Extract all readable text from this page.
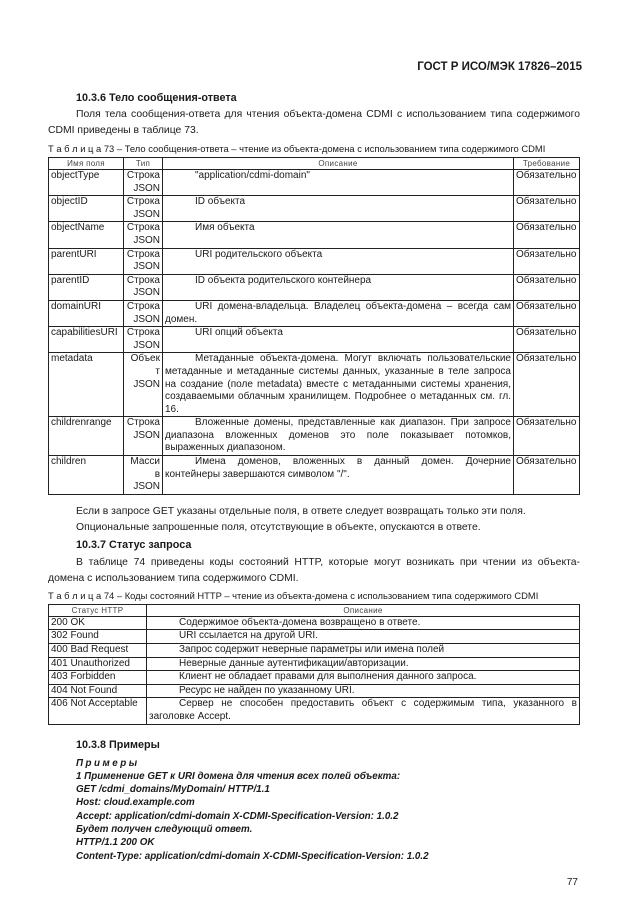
ГОСТ Р ИСО/МЭК 17826–2015
10.3.6 Тело сообщения-ответа
Поля тела сообщения-ответа для чтения объекта-домена CDMI с использованием типа содержимого CDMI приведены в таблице 73.
Т а б л и ц а 73 – Тело сообщения-ответа – чтение из объекта-домена с использованием типа содержимого CDMI
Имя поля	Тип	Описание	Требование
objectType	Строка JSON	"application/cdmi-domain"	Обязательно
objectID	Строка JSON	ID объекта	Обязательно
objectName	Строка JSON	Имя объекта	Обязательно
parentURI	Строка JSON	URI родительского объекта	Обязательно
parentID	Строка JSON	ID объекта родительского контейнера	Обязательно
domainURI	Строка JSON	URI домена-владельца. Владелец объекта-домена – всегда сам домен.	Обязательно
capabilitiesURI	Строка JSON	URI опций объекта	Обязательно
metadata	Объект JSON	Метаданные объекта-домена. Могут включать пользовательские метаданные и метаданные системы данных, указанные в теле запроса на создание (поле metadata) вместе с метаданными системы хранения, создаваемыми облачным хранилищем. Подробнее о метаданных см. гл. 16.	Обязательно
childrenrange	Строка JSON	Вложенные домены, представленные как диапазон. При запросе диапазона вложенных доменов это поле показывает потомков, выраженных диапазоном.	Обязательно
children	Массив JSON	Имена доменов, вложенных в данный домен. Дочерние контейнеры завершаются символом "/".	Обязательно
Если в запросе GET указаны отдельные поля, в ответе следует возвращать только эти поля.
Опциональные запрошенные поля, отсутствующие в объекте, опускаются в ответе.
10.3.7 Статус запроса
В таблице 74 приведены коды состояний HTTP, которые могут возникать при чтении из объекта-домена с использованием типа содержимого CDMI.
Т а б л и ц а 74 – Коды состояний HTTP – чтение из объекта-домена с использованием типа содержимого CDMI
Статус HTTP	Описание
200 OK	Содержимое объекта-домена возвращено в ответе.
302 Found	URI ссылается на другой URI.
400 Bad Request	Запрос содержит неверные параметры или имена полей
401 Unauthorized	Неверные данные аутентификации/авторизации.
403 Forbidden	Клиент не обладает правами для выполнения данного запроса.
404 Not Found	Ресурс не найден по указанному URI.
406 Not Acceptable	Сервер не способен предоставить объект с содержимым типа, указанного в заголовке Accept.
10.3.8 Примеры
Примеры
1 Применение GET к URI домена для чтения всех полей объекта:
GET /cdmi_domains/MyDomain/ HTTP/1.1
Host: cloud.example.com
Accept: application/cdmi-domain X-CDMI-Specification-Version: 1.0.2
Будет получен следующий ответ.
HTTP/1.1 200 OK
Content-Type: application/cdmi-domain X-CDMI-Specification-Version: 1.0.2
77
